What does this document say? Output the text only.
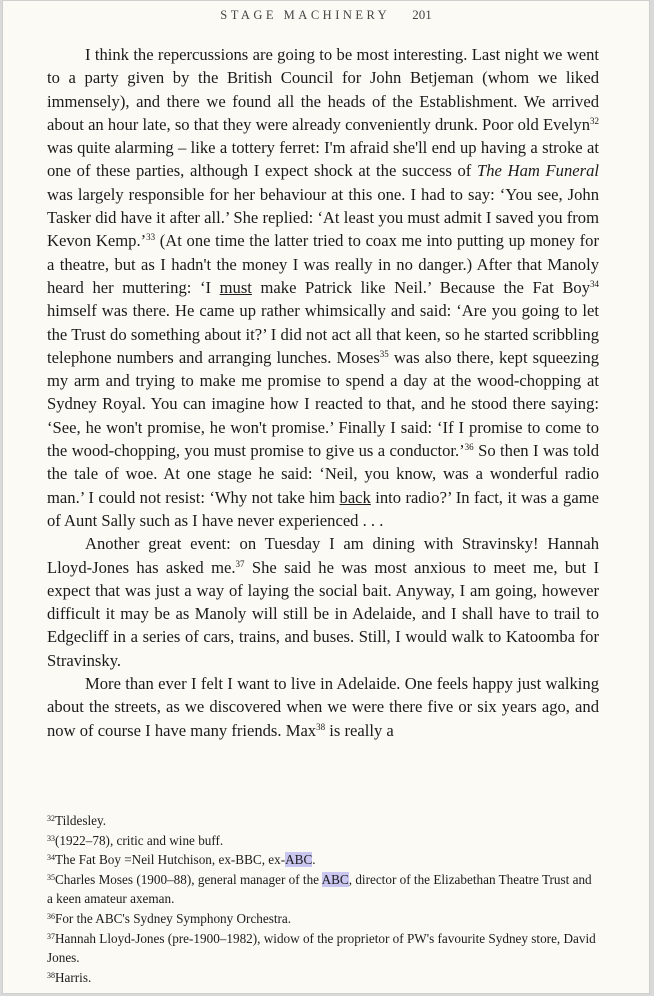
STAGE MACHINERY 201

I think the repercussions are going to be most interesting. Last night we went to a party given by the British Council for John Betjeman (whom we liked immensely), and there we found all the heads of the Establishment. We arrived about an hour late, so that they were already conveniently drunk. Poor old Evelyn$^{32}$ was quite alarming – like a tottery ferret: I'm afraid she'll end up having a stroke at one of these parties, although I expect shock at the success of The Ham Funeral was largely responsible for her behaviour at this one. I had to say: ‘You see, John Tasker did have it after all.’ She replied: ‘At least you must admit I saved you from Kevon Kemp.’$^{33}$ (At one time the latter tried to coax me into putting up money for a theatre, but as I hadn't the money I was really in no danger.) After that Manoly heard her muttering: ‘I must make Patrick like Neil.’ Because the Fat Boy$^{34}$ himself was there. He came up rather whimsically and said: ‘Are you going to let the Trust do something about it?’ I did not act all that keen, so he started scribbling telephone numbers and arranging lunches. Moses$^{35}$ was also there, kept squeezing my arm and trying to make me promise to spend a day at the wood-chopping at Sydney Royal. You can imagine how I reacted to that, and he stood there saying: ‘See, he won't promise, he won't promise.’ Finally I said: ‘If I promise to come to the wood-chopping, you must promise to give us a conductor.’$^{36}$ So then I was told the tale of woe. At one stage he said: ‘Neil, you know, was a wonderful radio man.’ I could not resist: ‘Why not take him back into radio?’ In fact, it was a game of Aunt Sally such as I have never experienced . . .

Another great event: on Tuesday I am dining with Stravinsky! Hannah Lloyd-Jones has asked me.$^{37}$ She said he was most anxious to meet me, but I expect that was just a way of laying the social bait. Anyway, I am going, however difficult it may be as Manoly will still be in Adelaide, and I shall have to trail to Edgecliff in a series of cars, trains, and buses. Still, I would walk to Katoomba for Stravinsky.

More than ever I felt I want to live in Adelaide. One feels happy just walking about the streets, as we discovered when we were there five or six years ago, and now of course I have many friends. Max$^{38}$ is really a

$^{32}$Tildesley.

$^{33}$(1922–78), critic and wine buff.

$^{34}$The Fat Boy =Neil Hutchison, ex-BBC, ex-ABC.

$^{35}$Charles Moses (1900–88), general manager of the ABC, director of the Elizabethan Theatre Trust and a keen amateur axeman.

$^{36}$For the ABC's Sydney Symphony Orchestra.

$^{37}$Hannah Lloyd-Jones (pre-1900–1982), widow of the proprietor of PW's favourite Sydney store, David Jones.

$^{38}$Harris.
